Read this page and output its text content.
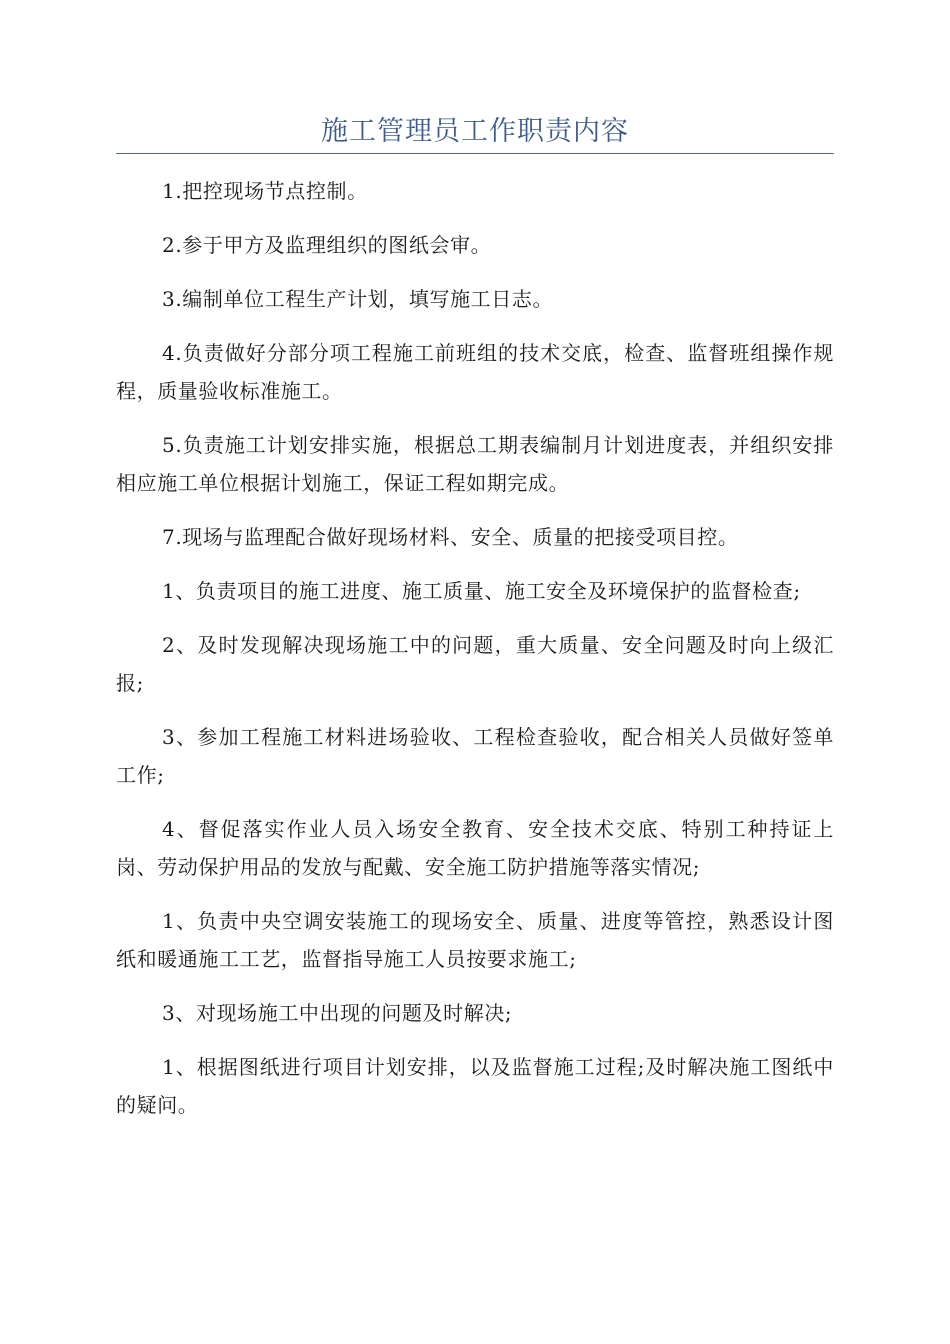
施工管理员工作职责内容

1.把控现场节点控制。

2.参于甲方及监理组织的图纸会审。

3.编制单位工程生产计划，填写施工日志。

4.负责做好分部分项工程施工前班组的技术交底，检查、监督班组操作规程，质量验收标准施工。

5.负责施工计划安排实施，根据总工期表编制月计划进度表，并组织安排相应施工单位根据计划施工，保证工程如期完成。

7.现场与监理配合做好现场材料、安全、质量的把接受项目控。

1、负责项目的施工进度、施工质量、施工安全及环境保护的监督检查;

2、及时发现解决现场施工中的问题，重大质量、安全问题及时向上级汇报;

3、参加工程施工材料进场验收、工程检查验收，配合相关人员做好签单工作;

4、督促落实作业人员入场安全教育、安全技术交底、特别工种持证上岗、劳动保护用品的发放与配戴、安全施工防护措施等落实情况;

1、负责中央空调安装施工的现场安全、质量、进度等管控，熟悉设计图纸和暖通施工工艺，监督指导施工人员按要求施工;

3、对现场施工中出现的问题及时解决;

1、根据图纸进行项目计划安排，以及监督施工过程;及时解决施工图纸中的疑问。
